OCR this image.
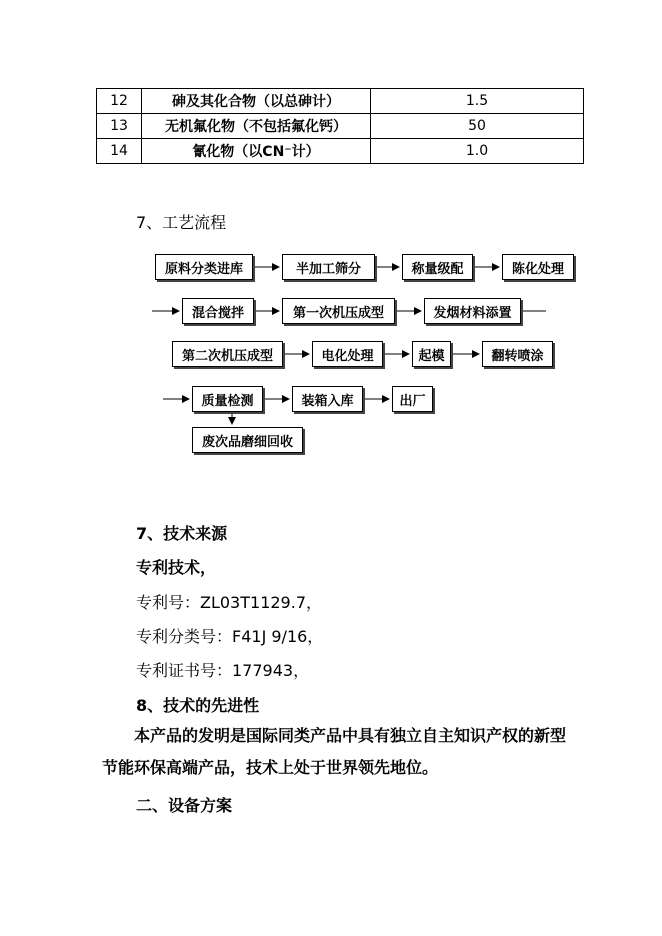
12	砷及其化合物（以总砷计）	1.5
13	无机氟化物（不包括氟化钙）	50
14	氰化物（以CN⁻计）	1.0
7、工艺流程
原料分类进库	半加工筛分	称量级配	陈化处理
混合搅拌	第一次机压成型	发烟材料添置
第二次机压成型	电化处理	起模	翻转喷涂
质量检测	装箱入库	出厂
废次品磨细回收
7、技术来源
专利技术，
专利号：ZL03T1129.7，
专利分类号：F41J 9/16，
专利证书号：177943，
8、技术的先进性
本产品的发明是国际同类产品中具有独立自主知识产权的新型节能环保高端产品，技术上处于世界领先地位。
二、设备方案
